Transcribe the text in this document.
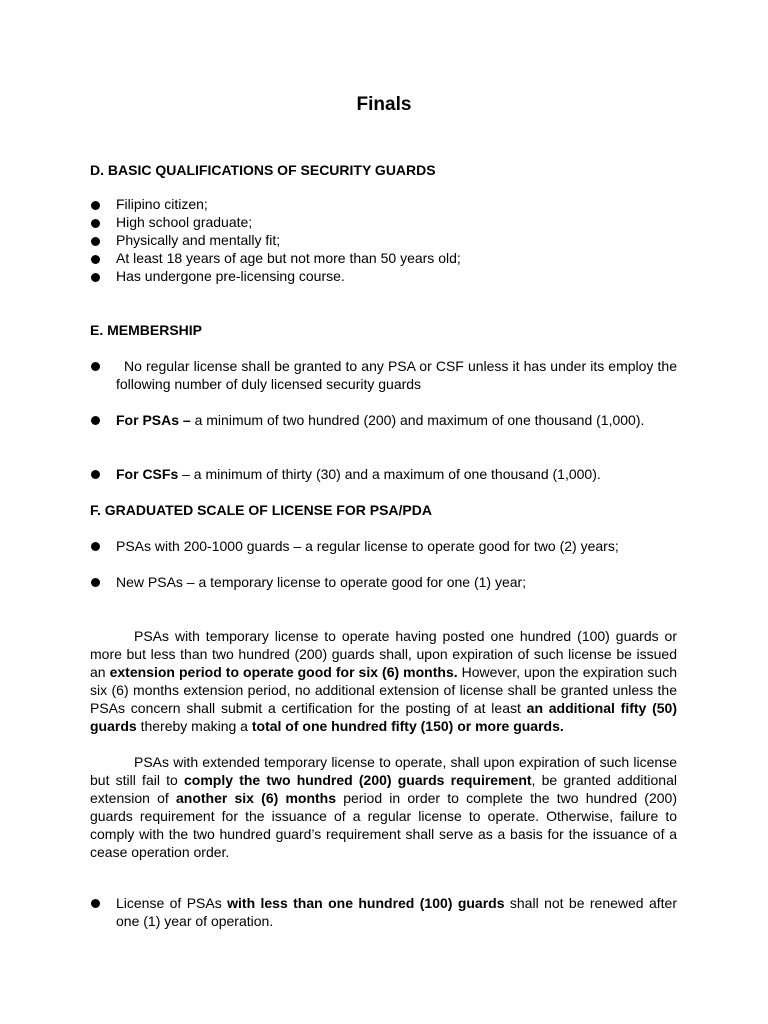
Finals
D. BASIC QUALIFICATIONS OF SECURITY GUARDS
Filipino citizen;
High school graduate;
Physically and mentally fit;
At least 18 years of age but not more than 50 years old;
Has undergone pre-licensing course.
E. MEMBERSHIP
No regular license shall be granted to any PSA or CSF unless it has under its employ the following number of duly licensed security guards
For PSAs – a minimum of two hundred (200) and maximum of one thousand (1,000).
For CSFs – a minimum of thirty (30) and a maximum of one thousand (1,000).
F. GRADUATED SCALE OF LICENSE FOR PSA/PDA
PSAs with 200-1000 guards – a regular license to operate good for two (2) years;
New PSAs – a temporary license to operate good for one (1) year;

PSAs with temporary license to operate having posted one hundred (100) guards or more but less than two hundred (200) guards shall, upon expiration of such license be issued an extension period to operate good for six (6) months. However, upon the expiration such six (6) months extension period, no additional extension of license shall be granted unless the PSAs concern shall submit a certification for the posting of at least an additional fifty (50) guards thereby making a total of one hundred fifty (150) or more guards.

PSAs with extended temporary license to operate, shall upon expiration of such license but still fail to comply the two hundred (200) guards requirement, be granted additional extension of another six (6) months period in order to complete the two hundred (200) guards requirement for the issuance of a regular license to operate. Otherwise, failure to comply with the two hundred guard’s requirement shall serve as a basis for the issuance of a cease operation order.

License of PSAs with less than one hundred (100) guards shall not be renewed after one (1) year of operation.
